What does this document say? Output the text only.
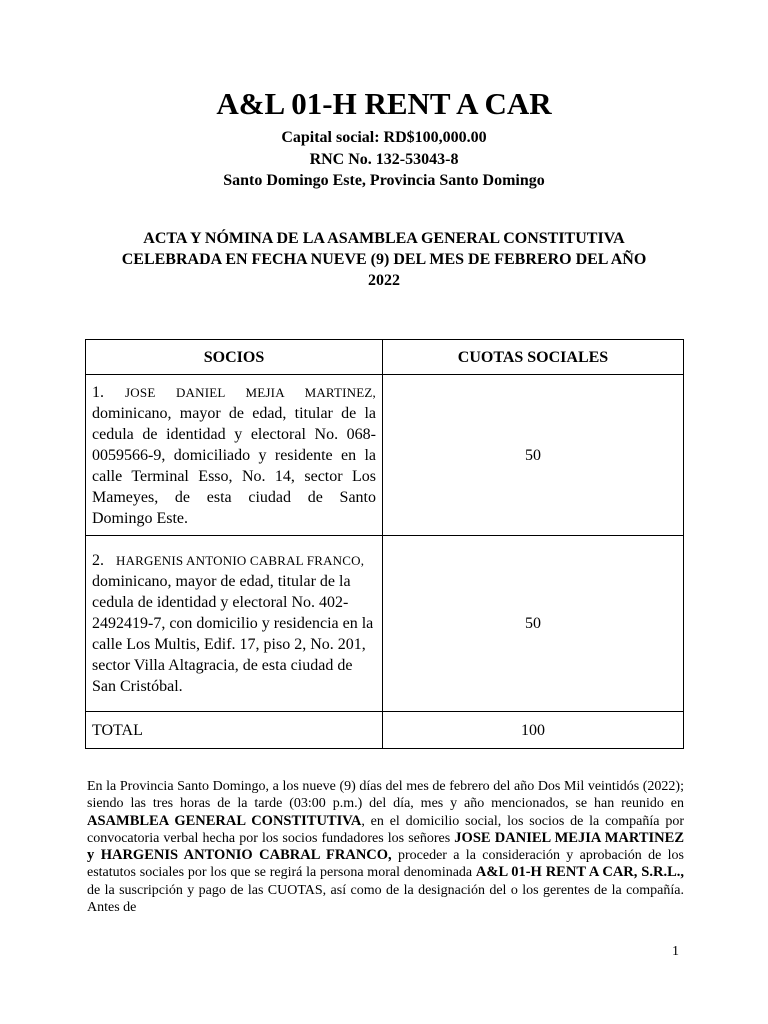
A&L 01-H RENT A CAR
Capital social: RD$100,000.00
RNC No. 132-53043-8
Santo Domingo Este, Provincia Santo Domingo
ACTA Y NÓMINA DE LA ASAMBLEA GENERAL CONSTITUTIVA
CELEBRADA EN FECHA NUEVE (9) DEL MES DE FEBRERO DEL AÑO
2022
SOCIOS	CUOTAS SOCIALES
1. JOSE DANIEL MEJIA MARTINEZ, dominicano, mayor de edad, titular de la cedula de identidad y electoral No. 068-0059566-9, domiciliado y residente en la calle Terminal Esso, No. 14, sector Los Mameyes, de esta ciudad de Santo Domingo Este.	50
2. HARGENIS ANTONIO CABRAL FRANCO, dominicano, mayor de edad, titular de la cedula de identidad y electoral No. 402-2492419-7, con domicilio y residencia en la calle Los Multis, Edif. 17, piso 2, No. 201, sector Villa Altagracia, de esta ciudad de San Cristóbal.	50
TOTAL	100
En la Provincia Santo Domingo, a los nueve (9) días del mes de febrero del año Dos Mil veintidós (2022); siendo las tres horas de la tarde (03:00 p.m.) del día, mes y año mencionados, se han reunido en ASAMBLEA GENERAL CONSTITUTIVA, en el domicilio social, los socios de la compañía por convocatoria verbal hecha por los socios fundadores los señores JOSE DANIEL MEJIA MARTINEZ y HARGENIS ANTONIO CABRAL FRANCO, proceder a la consideración y aprobación de los estatutos sociales por los que se regirá la persona moral denominada A&L 01-H RENT A CAR, S.R.L., de la suscripción y pago de las CUOTAS, así como de la designación del o los gerentes de la compañía. Antes de
1
